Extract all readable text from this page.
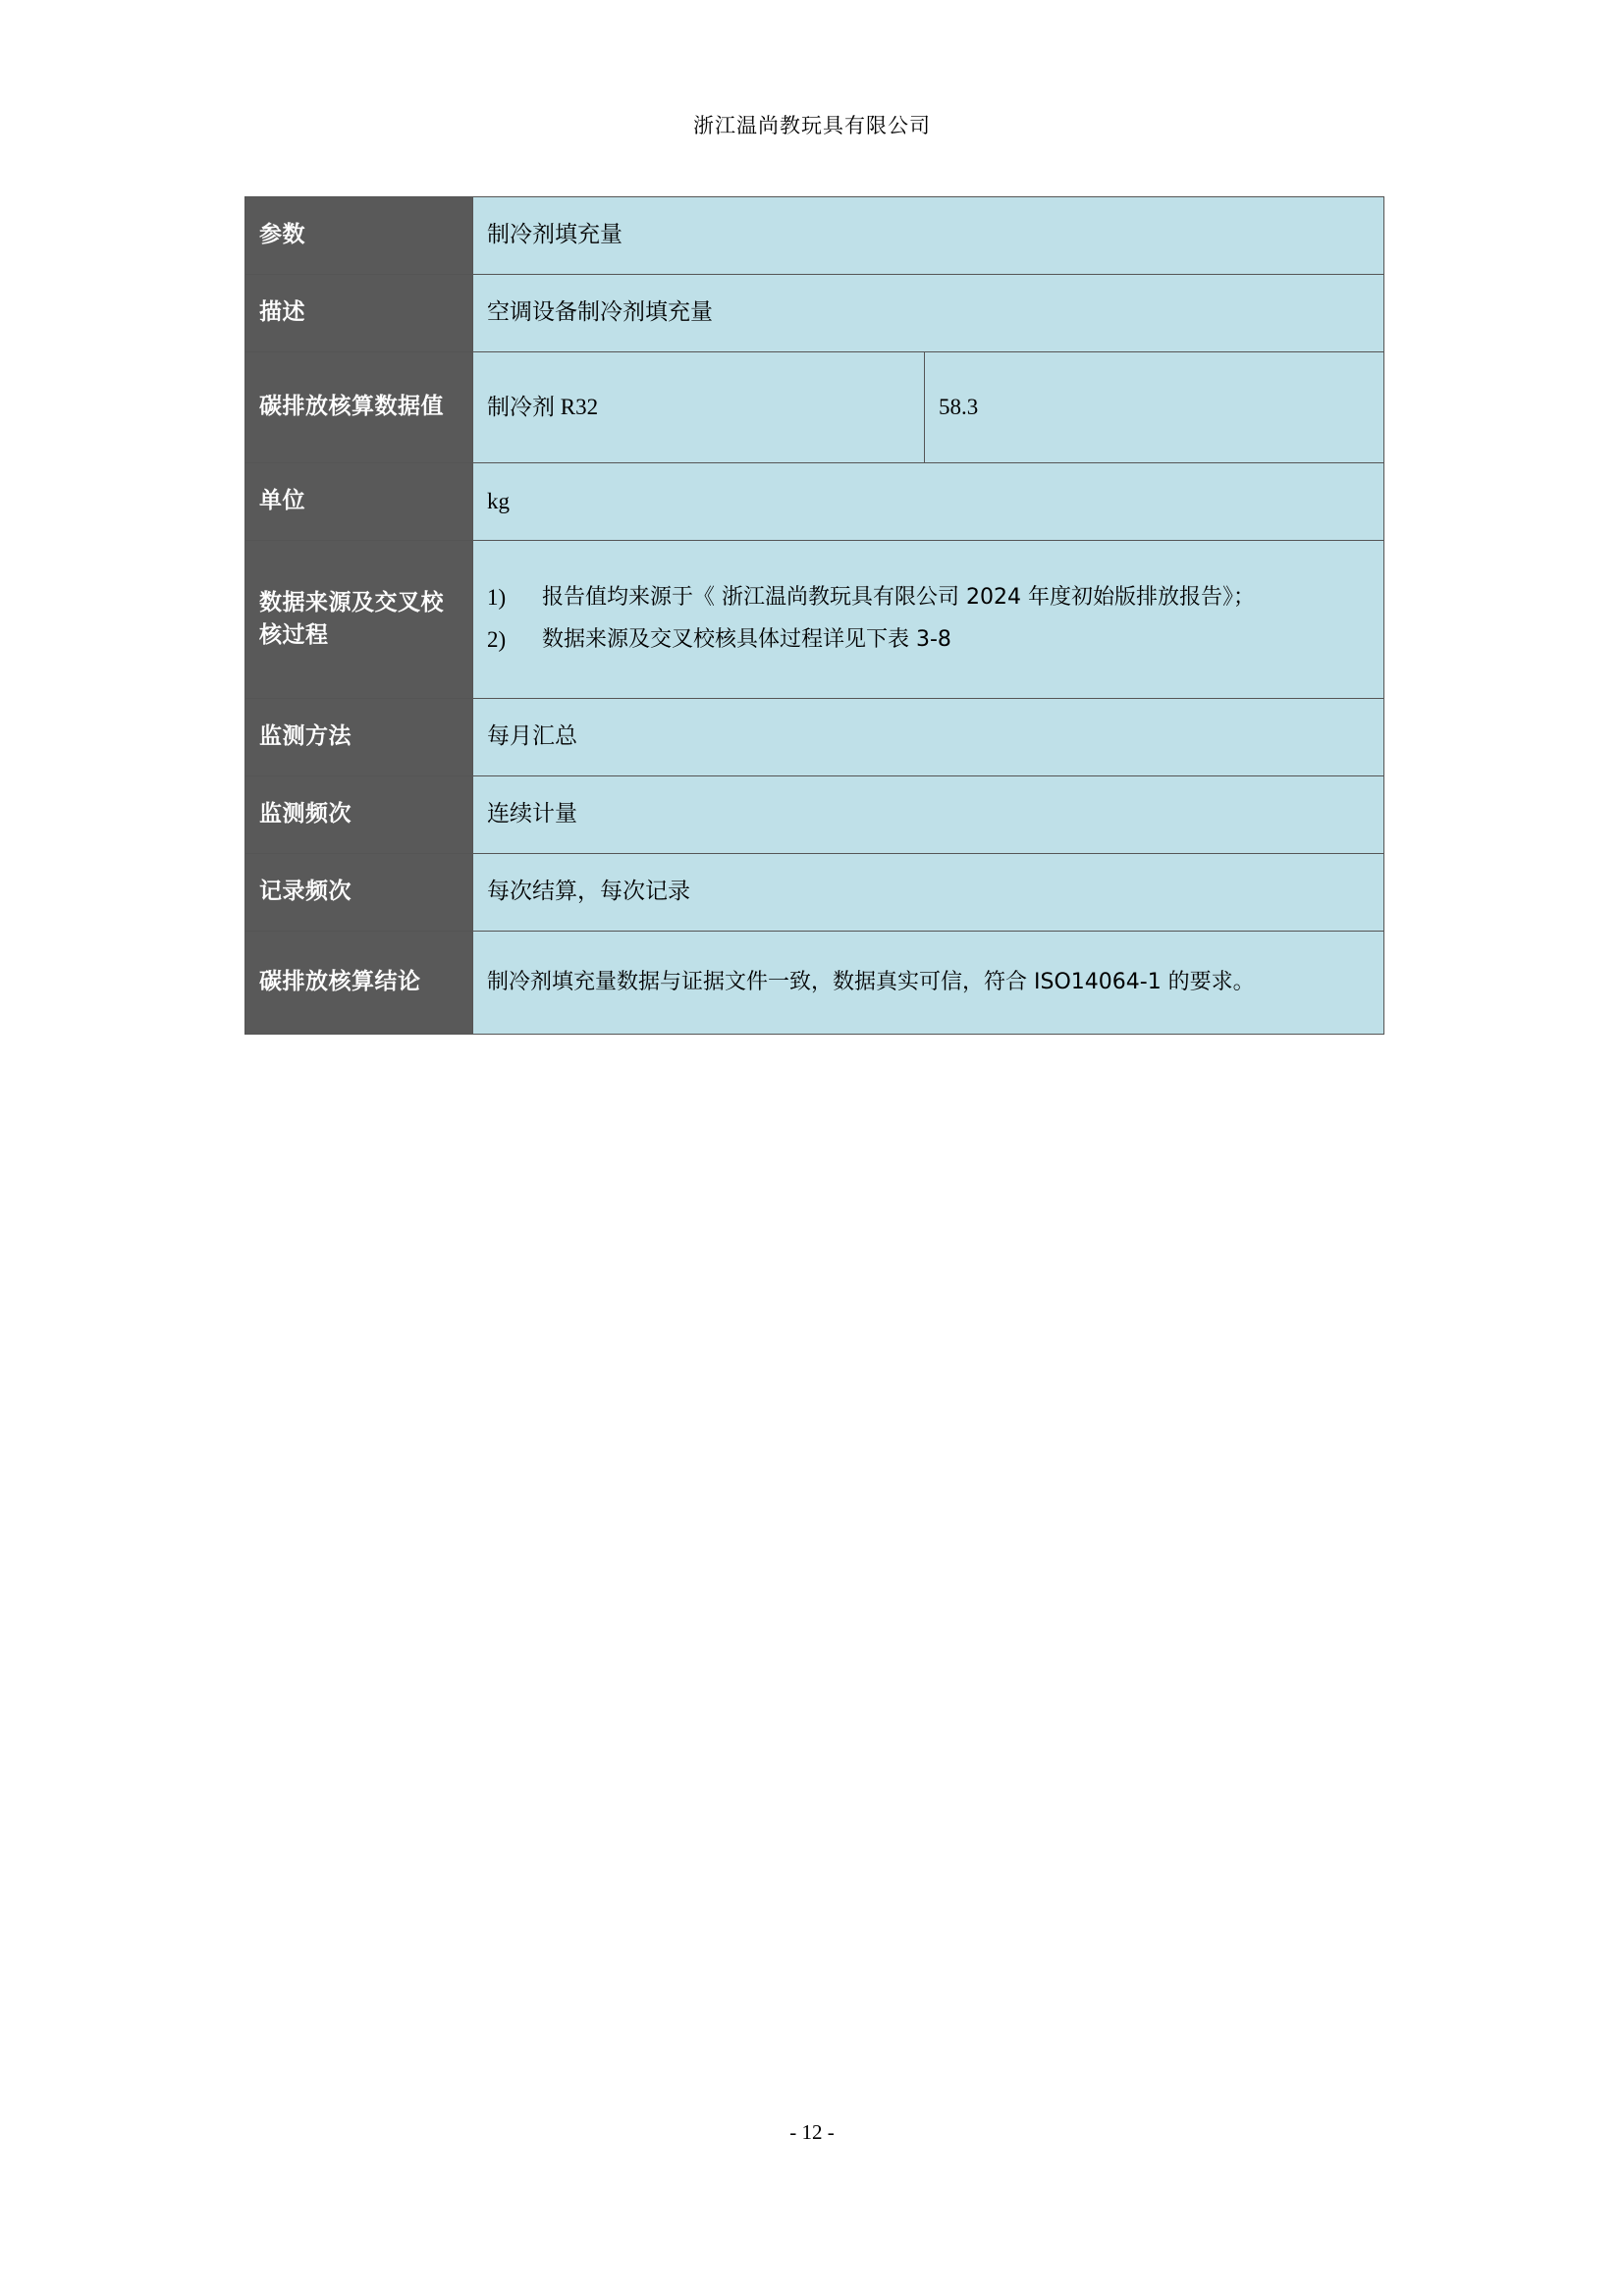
浙江温尚教玩具有限公司
参数	制冷剂填充量	
描述	空调设备制冷剂填充量	
碳排放核算数据值	制冷剂 R32	58.3
单位	kg	
数据来源及交叉校核过程	
1)	报告值均来源于《 浙江温尚教玩具有限公司 2024 年度初始版排放报告》；
2)	数据来源及交叉校核具体过程详见下表 3-8

监测方法	每月汇总	
监测频次	连续计量	
记录频次	每次结算，每次记录	
碳排放核算结论	制冷剂填充量数据与证据文件一致，数据真实可信，符合 ISO14064-1 的要求。	
- 12 -
